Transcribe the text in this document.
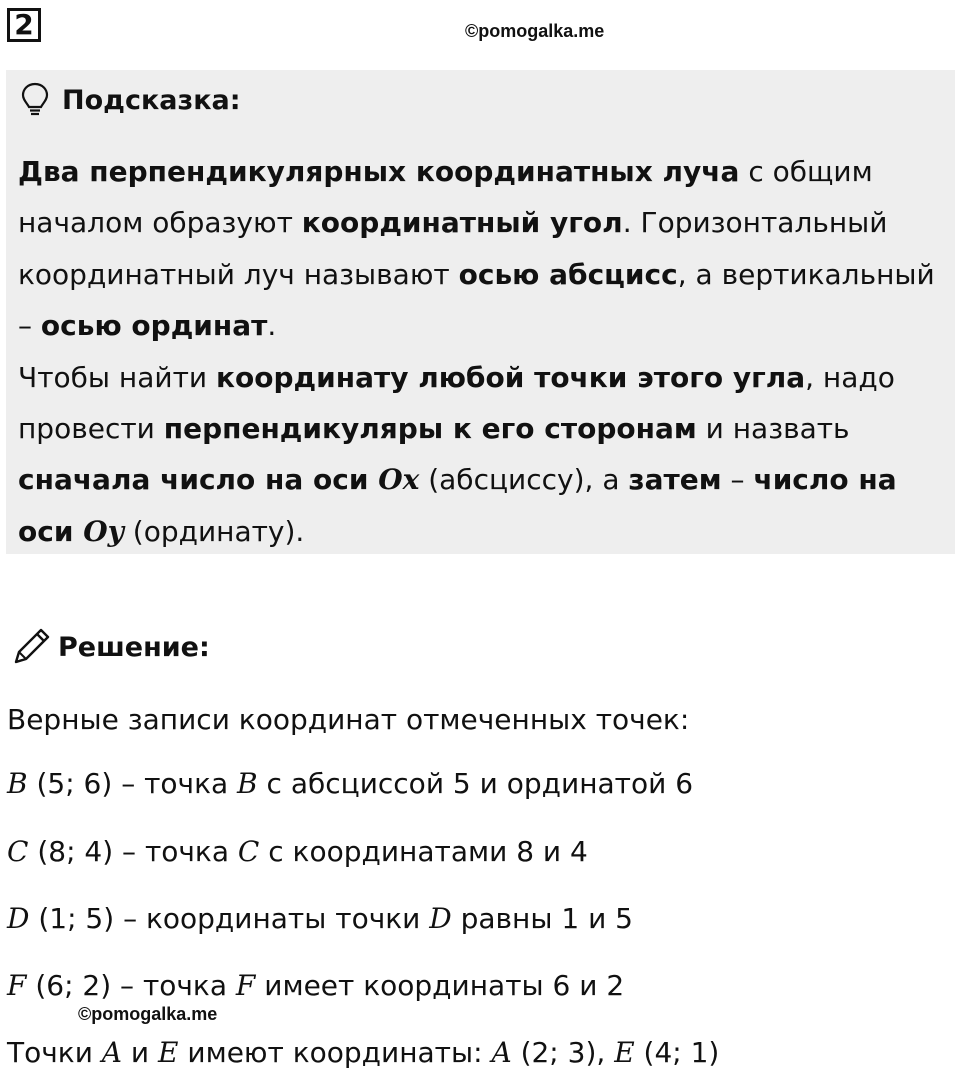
2	©pomogalka.me
Подсказка:
Два перпендикулярных координатных луча с общим началом образуют координатный угол. Горизонтальный координатный луч называют осью абсцисс, а вертикальный – осью ординат.
Чтобы найти координату любой точки этого угла, надо провести перпендикуляры к его сторонам и назвать сначала число на оси Ox (абсциссу), а затем – число на оси Oy (ординату).
Решение:
Верные записи координат отмеченных точек:
B (5; 6) – точка B с абсциссой 5 и ординатой 6
C (8; 4) – точка C с координатами 8 и 4
D (1; 5) – координаты точки D равны 1 и 5
F (6; 2) – точка F имеет координаты 6 и 2
©pomogalka.me
Точки A и E имеют координаты: A (2; 3), E (4; 1)
